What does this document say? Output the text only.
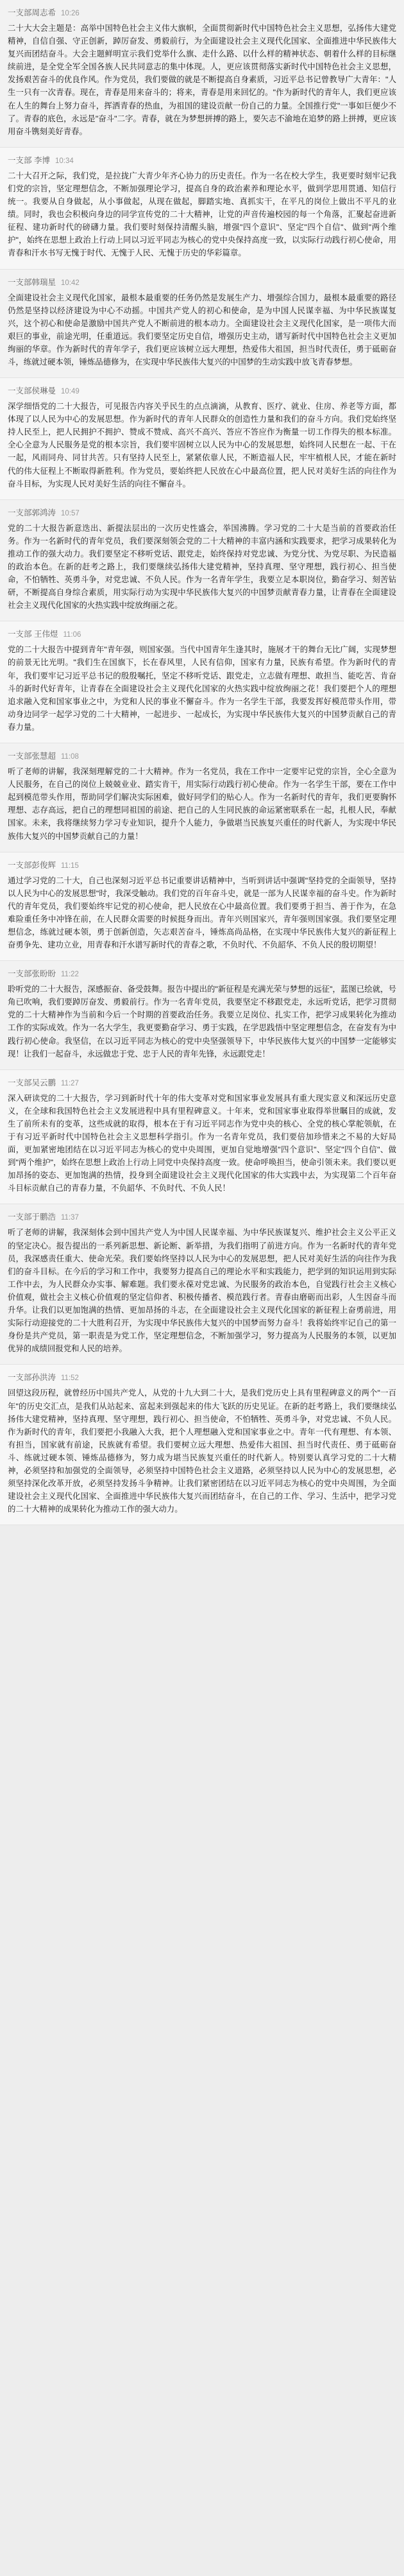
一支部周志希 10:26
二十大大会主题是：高举中国特色社会主义伟大旗帜，全面贯彻新时代中国特色社会主义思想，弘扬伟大建党精神，自信自强、守正创新，踔厉奋发、勇毅前行，为全面建设社会主义现代化国家、全面推进中华民族伟大复兴而团结奋斗。大会主题鲜明宣示我们党举什么旗、走什么路、以什么样的精神状态、朝着什么样的目标继续前进，是全党全军全国各族人民共同意志的集中体现。人，更应该贯彻落实新时代中国特色社会主义思想，发扬艰苦奋斗的优良作风。作为党员，我们要做的就是不断提高自身素质，习近平总书记曾教导广大青年："人生一只有一次青春。现在，青春是用来奋斗的；将来，青春是用来回忆的。"作为新时代的青年人，我们更应该在人生的舞台上努力奋斗，挥洒青春的热血，为祖国的建设贡献一份自己的力量。全国推行党"一事如巨便少不了。青春的底色，永远是"奋斗"二字。青春，就在为梦想拼搏的路上，要矢志不渝地在追梦的路上拼搏，更应该用奋斗镌刻美好青春。
一支部 李博 10:34
二十大召开之际，我们党，是拉拢广大青少年齐心协力的历史责任。作为一名在校大学生，我更要时刻牢记我们党的宗旨，坚定理想信念，不断加强理论学习，提高自身的政治素养和理论水平，做到学思用贯通、知信行统一。我要从自身做起，从小事做起，从现在做起，脚踏实地、真抓实干，在平凡的岗位上做出不平凡的业绩。同时，我也会积极向身边的同学宣传党的二十大精神，让党的声音传遍校园的每一个角落，汇聚起奋进新征程、建功新时代的磅礴力量。我们要时刻保持清醒头脑，增强"四个意识"、坚定"四个自信"、做到"两个维护"，始终在思想上政治上行动上同以习近平同志为核心的党中央保持高度一致，以实际行动践行初心使命，用青春和汗水书写无愧于时代、无愧于人民、无愧于历史的华彩篇章。
一支部韩瑞星 10:42
全面建设社会主义现代化国家，最根本最重要的任务仍然是发展生产力、增强综合国力，最根本最重要的路径仍然是坚持以经济建设为中心不动摇。中国共产党人的初心和使命，是为中国人民谋幸福、为中华民族谋复兴，这个初心和使命是激励中国共产党人不断前进的根本动力。全面建设社会主义现代化国家，是一项伟大而艰巨的事业，前途光明，任重道远。我们要坚定历史自信，增强历史主动，谱写新时代中国特色社会主义更加绚丽的华章。作为新时代的青年学子，我们更应该树立远大理想，热爱伟大祖国，担当时代责任，勇于砥砺奋斗，练就过硬本领，锤炼品德修为，在实现中华民族伟大复兴的中国梦的生动实践中放飞青春梦想。
一支部侯琳曼 10:49
深学细悟党的二十大报告，可见报告内容关乎民生的点点滴滴，从教育、医疗、就业、住房、养老等方面，都体现了以人民为中心的发展思想。作为新时代的青年人民群众的创造性力量和我们的奋斗方向。我们党始终坚持人民至上，把人民拥护不拥护、赞成不赞成、高兴不高兴、答应不答应作为衡量一切工作得失的根本标准。全心全意为人民服务是党的根本宗旨，我们要牢固树立以人民为中心的发展思想，始终同人民想在一起、干在一起，风雨同舟、同甘共苦。只有坚持人民至上，紧紧依靠人民，不断造福人民，牢牢植根人民，才能在新时代的伟大征程上不断取得新胜利。作为党员，要始终把人民放在心中最高位置，把人民对美好生活的向往作为奋斗目标，为实现人民对美好生活的向往不懈奋斗。
一支部郭鸿涛 10:57
党的二十大报告新意迭出、新提法层出的一次历史性盛会，举国沸腾。学习党的二十大是当前的首要政治任务。作为一名新时代的青年党员，我们要深刻领会党的二十大精神的丰富内涵和实践要求，把学习成果转化为推动工作的强大动力。我们要坚定不移听党话、跟党走，始终保持对党忠诚、为党分忧、为党尽职、为民造福的政治本色。在新的赶考之路上，我们要继续弘扬伟大建党精神，坚持真理、坚守理想，践行初心、担当使命，不怕牺牲、英勇斗争，对党忠诚、不负人民。作为一名青年学生，我要立足本职岗位，勤奋学习、刻苦钻研，不断提高自身综合素质，用实际行动为实现中华民族伟大复兴的中国梦贡献青春力量，让青春在全面建设社会主义现代化国家的火热实践中绽放绚丽之花。
一支部 王伟煜 11:06
党的二十大报告中提到青年"青年强，则国家强。当代中国青年生逢其时，施展才干的舞台无比广阔，实现梦想的前景无比光明。"我们生在国旗下，长在春风里，人民有信仰，国家有力量，民族有希望。作为新时代的青年，我们要牢记习近平总书记的殷殷嘱托，坚定不移听党话、跟党走，立志做有理想、敢担当、能吃苦、肯奋斗的新时代好青年，让青春在全面建设社会主义现代化国家的火热实践中绽放绚丽之花！我们要把个人的理想追求融入党和国家事业之中，为党和人民的事业不懈奋斗。作为一名学生干部，我要发挥好模范带头作用，带动身边同学一起学习党的二十大精神，一起进步、一起成长，为实现中华民族伟大复兴的中国梦贡献自己的青春力量。
一支部张慧超 11:08
听了老师的讲解，我深刻理解党的二十大精神。作为一名党员，我在工作中一定要牢记党的宗旨，全心全意为人民服务，在自己的岗位上兢兢业业、踏实肯干，用实际行动践行初心使命。作为一名学生干部，要在工作中起到模范带头作用，帮助同学们解决实际困难，做好同学们的贴心人。作为一名新时代的青年，我们更要胸怀理想、志存高远，把自己的理想同祖国的前途、把自己的人生同民族的命运紧密联系在一起，扎根人民，奉献国家。未来，我将继续努力学习专业知识，提升个人能力，争做堪当民族复兴重任的时代新人，为实现中华民族伟大复兴的中国梦贡献自己的力量！
一支部彭俊辉 11:15
通过学习党的二十大，自己也深刻习近平总书记重要讲话精神中，当听到讲话中强调"坚持党的全面领导，坚持以人民为中心的发展思想"时，我深受触动。我们党的百年奋斗史，就是一部为人民谋幸福的奋斗史。作为新时代的青年党员，我们要始终牢记党的初心使命，把人民放在心中最高位置。我们要勇于担当、善于作为，在急难险重任务中冲锋在前，在人民群众需要的时候挺身而出。青年兴则国家兴，青年强则国家强。我们要坚定理想信念，练就过硬本领，勇于创新创造，矢志艰苦奋斗，锤炼高尚品格，在实现中华民族伟大复兴的新征程上奋勇争先、建功立业，用青春和汗水谱写新时代的青春之歌，不负时代、不负韶华、不负人民的殷切期望！
一支部张盼盼 11:22
聆听党的二十大报告，深感振奋、备受鼓舞。报告中提出的"新征程是充满光荣与梦想的远征"，蓝图已绘就，号角已吹响，我们要踔厉奋发、勇毅前行。作为一名青年党员，我要坚定不移跟党走，永远听党话，把学习贯彻党的二十大精神作为当前和今后一个时期的首要政治任务。我要立足岗位、扎实工作，把学习成果转化为推动工作的实际成效。作为一名大学生，我更要勤奋学习、勇于实践，在学思践悟中坚定理想信念，在奋发有为中践行初心使命。我坚信，在以习近平同志为核心的党中央坚强领导下，中华民族伟大复兴的中国梦一定能够实现！让我们一起奋斗，永远做忠于党、忠于人民的青年先锋，永远跟党走！
一支部吴云鹏 11:27
深入研读党的二十大报告，学习到新时代十年的伟大变革对党和国家事业发展具有重大现实意义和深远历史意义，在全球和我国特色社会主义发展进程中具有里程碑意义。十年来，党和国家事业取得举世瞩目的成就，发生了前所未有的变革，这些成就的取得，根本在于有习近平同志作为党中央的核心、全党的核心掌舵领航，在于有习近平新时代中国特色社会主义思想科学指引。作为一名青年党员，我们要倍加珍惜来之不易的大好局面，更加紧密地团结在以习近平同志为核心的党中央周围，更加自觉地增强"四个意识"、坚定"四个自信"、做到"两个维护"，始终在思想上政治上行动上同党中央保持高度一致。使命呼唤担当，使命引领未来。我们要以更加昂扬的姿态、更加饱满的热情，投身到全面建设社会主义现代化国家的伟大实践中去，为实现第二个百年奋斗目标贡献自己的青春力量，不负韶华、不负时代、不负人民！
一支部于鹏浩 11:37
听了老师的讲解，我深刻体会到中国共产党人为中国人民谋幸福、为中华民族谋复兴、维护社会主义公平正义的坚定决心。报告提出的一系列新思想、新论断、新举措，为我们指明了前进方向。作为一名新时代的青年党员，我深感责任重大、使命光荣。我们要始终坚持以人民为中心的发展思想，把人民对美好生活的向往作为我们的奋斗目标。在今后的学习和工作中，我要努力提高自己的理论水平和实践能力，把学到的知识运用到实际工作中去，为人民群众办实事、解难题。我们要永葆对党忠诚、为民服务的政治本色，自觉践行社会主义核心价值观，做社会主义核心价值观的坚定信仰者、积极传播者、模范践行者。青春由磨砺而出彩，人生因奋斗而升华。让我们以更加饱满的热情、更加昂扬的斗志，在全面建设社会主义现代化国家的新征程上奋勇前进，用实际行动迎接党的二十大胜利召开，为实现中华民族伟大复兴的中国梦而努力奋斗！我将始终牢记自己的第一身份是共产党员，第一职责是为党工作，坚定理想信念，不断加强学习，努力提高为人民服务的本领，以更加优异的成绩回报党和人民的培养。
一支部孙洪涛 11:52
回望这段历程，就曾经历中国共产党人，从党的十九大到二十大，是我们党历史上具有里程碑意义的两个"一百年"的历史交汇点，是我们从站起来、富起来到强起来的伟大飞跃的历史见证。在新的赶考路上，我们要继续弘扬伟大建党精神，坚持真理、坚守理想，践行初心、担当使命，不怕牺牲、英勇斗争，对党忠诚、不负人民。作为新时代的青年，我们要把小我融入大我，把个人理想融入党和国家事业之中。青年一代有理想、有本领、有担当，国家就有前途，民族就有希望。我们要树立远大理想、热爱伟大祖国、担当时代责任、勇于砥砺奋斗、练就过硬本领、锤炼品德修为，努力成为堪当民族复兴重任的时代新人。特别要认真学习党的二十大精神，必须坚持和加强党的全面领导，必须坚持中国特色社会主义道路，必须坚持以人民为中心的发展思想，必须坚持深化改革开放，必须坚持发扬斗争精神。让我们紧密团结在以习近平同志为核心的党中央周围，为全面建设社会主义现代化国家、全面推进中华民族伟大复兴而团结奋斗，在自己的工作、学习、生活中，把学习党的二十大精神的成果转化为推动工作的强大动力。
